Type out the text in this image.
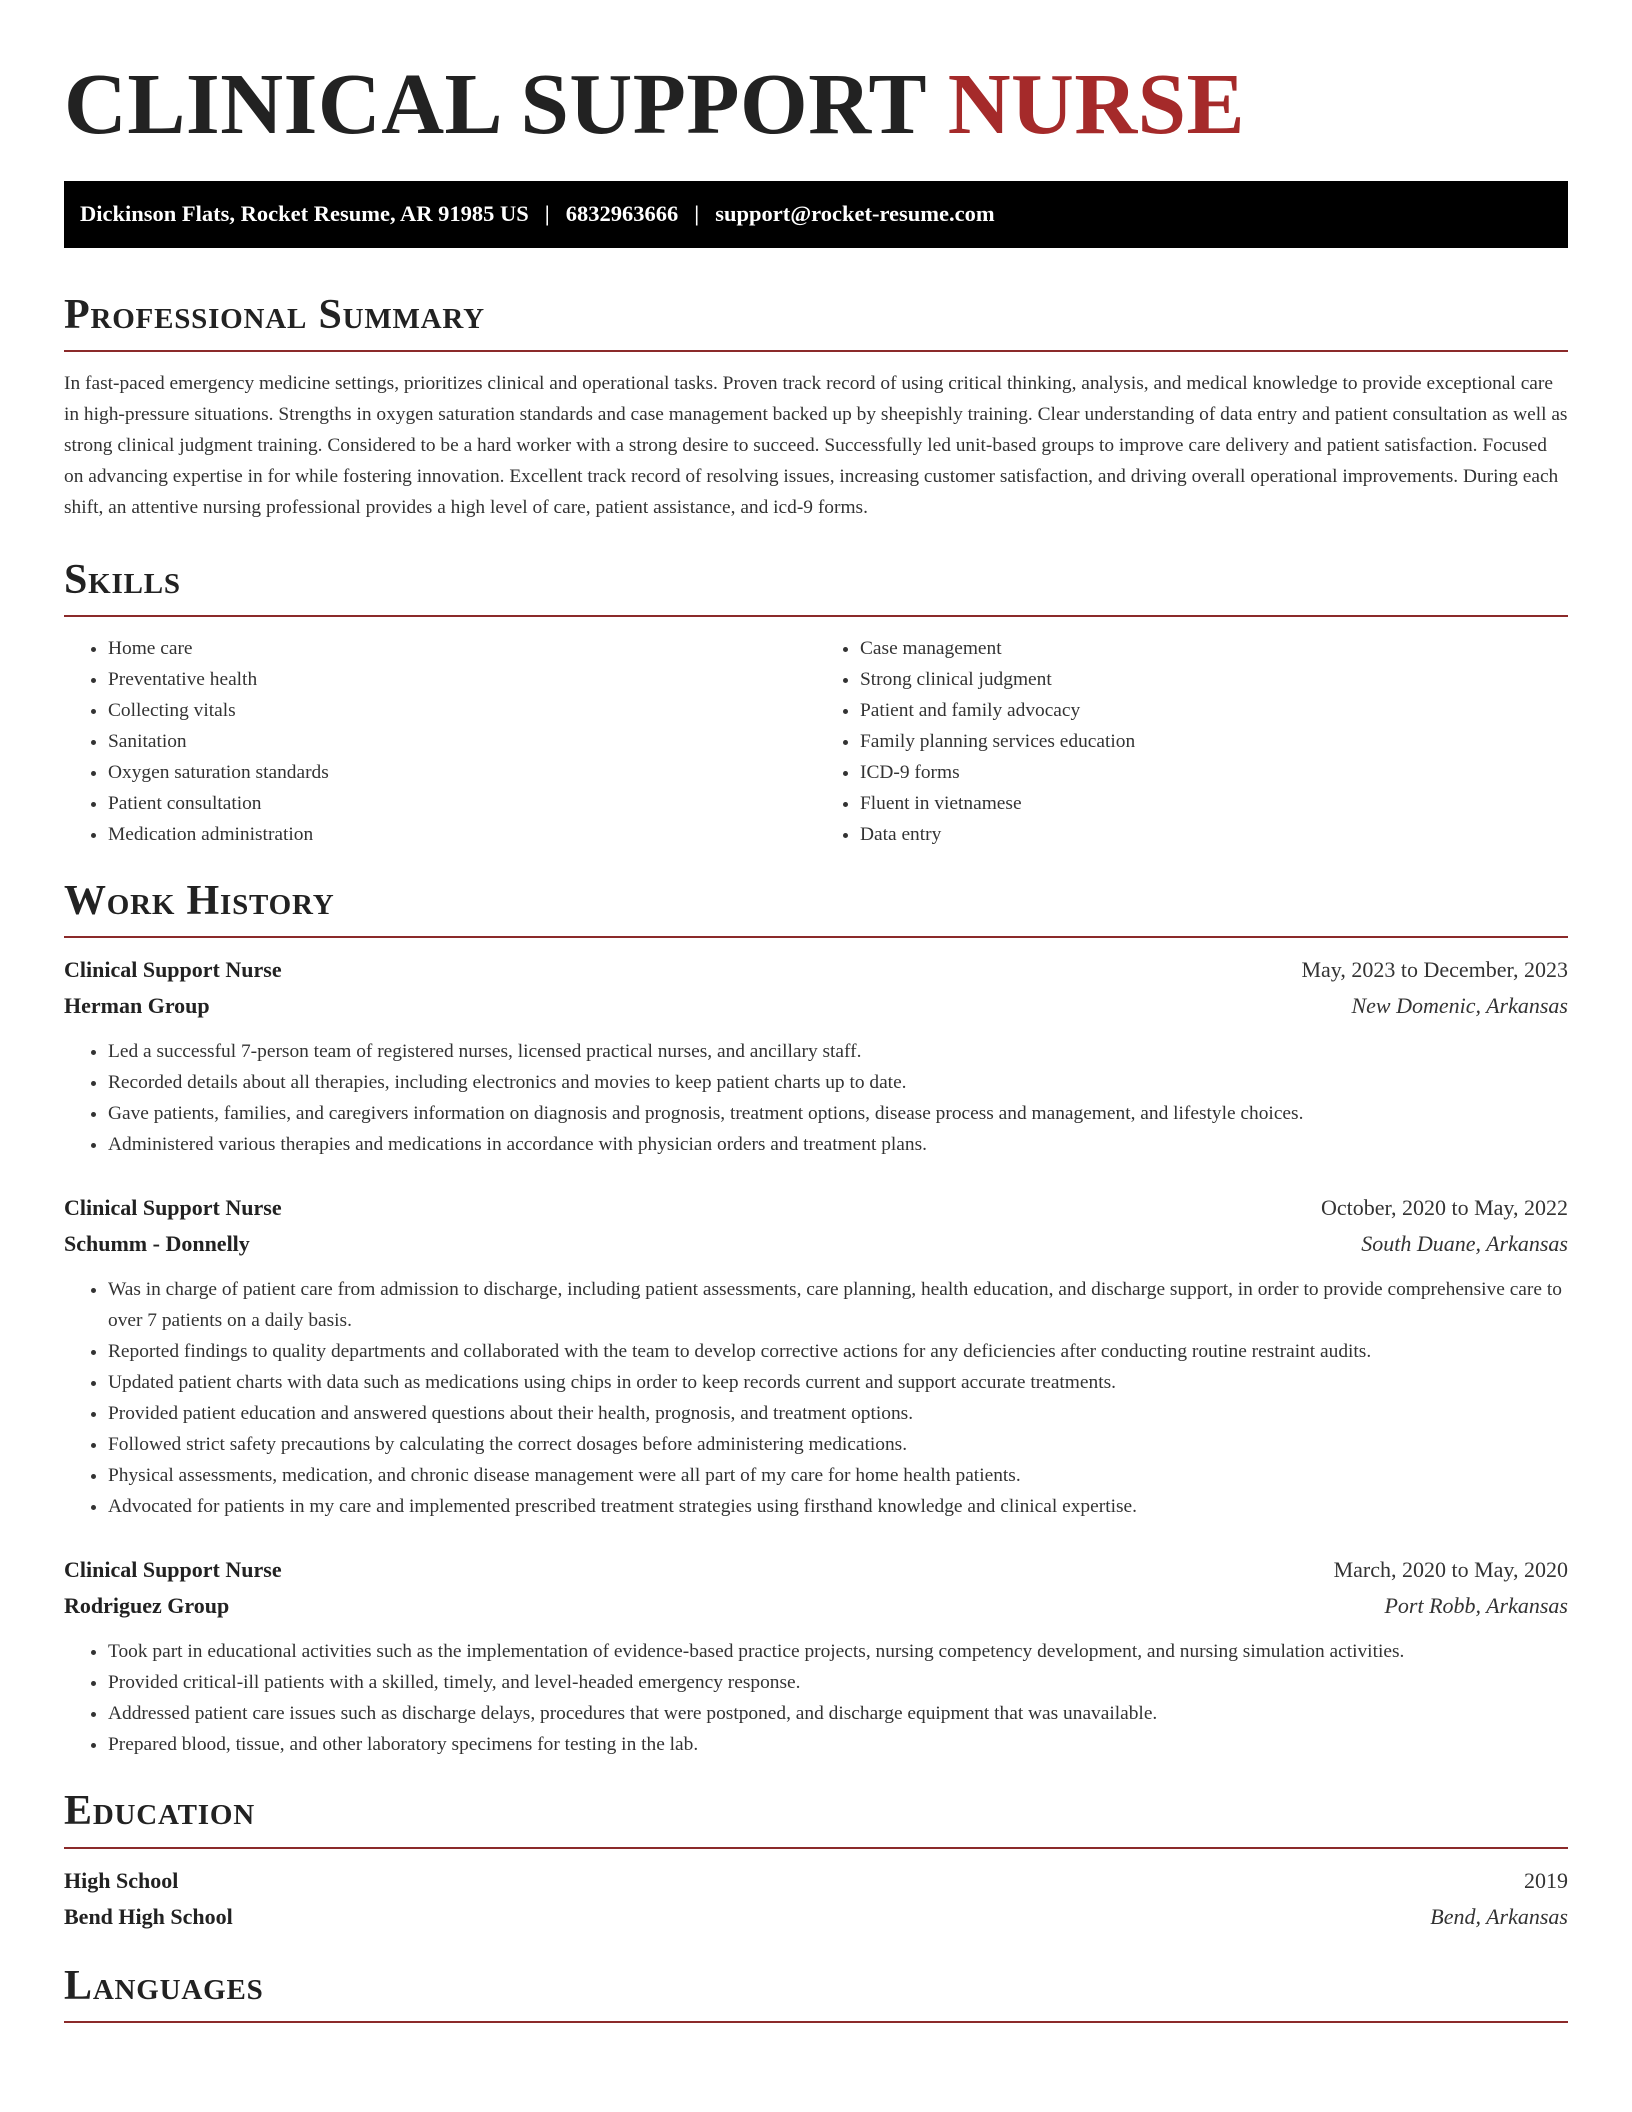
CLINICAL SUPPORT NURSE
Dickinson Flats, Rocket Resume, AR 91985 US | 6832963666 | support@rocket-resume.com
Professional Summary

In fast-paced emergency medicine settings, prioritizes clinical and operational tasks. Proven track record of using critical thinking, analysis, and medical knowledge to provide exceptional care in high-pressure situations. Strengths in oxygen saturation standards and case management backed up by sheepishly training. Clear understanding of data entry and patient consultation as well as strong clinical judgment training. Considered to be a hard worker with a strong desire to succeed. Successfully led unit-based groups to improve care delivery and patient satisfaction. Focused on advancing expertise in for while fostering innovation. Excellent track record of resolving issues, increasing customer satisfaction, and driving overall operational improvements. During each shift, an attentive nursing professional provides a high level of care, patient assistance, and icd-9 forms.

Skills
• Home care
• Preventative health
• Collecting vitals
• Sanitation
• Oxygen saturation standards
• Patient consultation
• Medication administration
• Case management
• Strong clinical judgment
• Patient and family advocacy
• Family planning services education
• ICD-9 forms
• Fluent in vietnamese
• Data entry
Work History
Clinical Support Nurse	May, 2023 to December, 2023
Herman Group	New Domenic, Arkansas
• Led a successful 7-person team of registered nurses, licensed practical nurses, and ancillary staff.
• Recorded details about all therapies, including electronics and movies to keep patient charts up to date.
• Gave patients, families, and caregivers information on diagnosis and prognosis, treatment options, disease process and management, and lifestyle choices.
• Administered various therapies and medications in accordance with physician orders and treatment plans.
Clinical Support Nurse	October, 2020 to May, 2022
Schumm - Donnelly	South Duane, Arkansas
• Was in charge of patient care from admission to discharge, including patient assessments, care planning, health education, and discharge support, in order to provide comprehensive care to over 7 patients on a daily basis.
• Reported findings to quality departments and collaborated with the team to develop corrective actions for any deficiencies after conducting routine restraint audits.
• Updated patient charts with data such as medications using chips in order to keep records current and support accurate treatments.
• Provided patient education and answered questions about their health, prognosis, and treatment options.
• Followed strict safety precautions by calculating the correct dosages before administering medications.
• Physical assessments, medication, and chronic disease management were all part of my care for home health patients.
• Advocated for patients in my care and implemented prescribed treatment strategies using firsthand knowledge and clinical expertise.
Clinical Support Nurse	March, 2020 to May, 2020
Rodriguez Group	Port Robb, Arkansas
• Took part in educational activities such as the implementation of evidence-based practice projects, nursing competency development, and nursing simulation activities.
• Provided critical-ill patients with a skilled, timely, and level-headed emergency response.
• Addressed patient care issues such as discharge delays, procedures that were postponed, and discharge equipment that was unavailable.
• Prepared blood, tissue, and other laboratory specimens for testing in the lab.
Education
High School	2019
Bend High School	Bend, Arkansas
Languages
